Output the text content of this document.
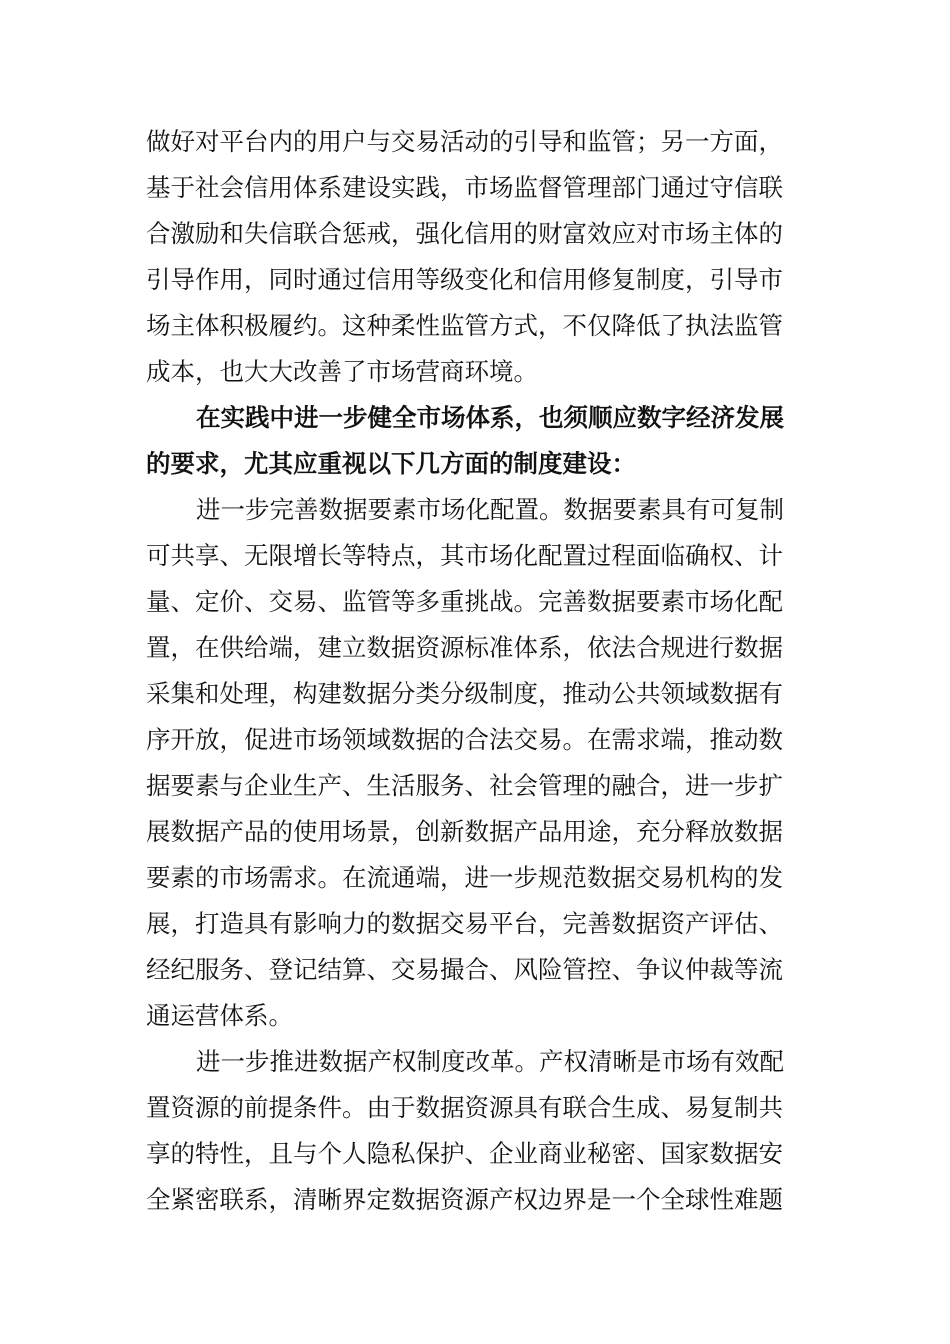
做好对平台内的用户与交易活动的引导和监管；另一方面，
基于社会信用体系建设实践，市场监督管理部门通过守信联
合激励和失信联合惩戒，强化信用的财富效应对市场主体的
引导作用，同时通过信用等级变化和信用修复制度，引导市
场主体积极履约。这种柔性监管方式，不仅降低了执法监管
成本，也大大改善了市场营商环境。
在实践中进一步健全市场体系，也须顺应数字经济发展
的要求，尤其应重视以下几方面的制度建设：
进一步完善数据要素市场化配置。数据要素具有可复制
可共享、无限增长等特点，其市场化配置过程面临确权、计
量、定价、交易、监管等多重挑战。完善数据要素市场化配
置，在供给端，建立数据资源标准体系，依法合规进行数据
采集和处理，构建数据分类分级制度，推动公共领域数据有
序开放，促进市场领域数据的合法交易。在需求端，推动数
据要素与企业生产、生活服务、社会管理的融合，进一步扩
展数据产品的使用场景，创新数据产品用途，充分释放数据
要素的市场需求。在流通端，进一步规范数据交易机构的发
展，打造具有影响力的数据交易平台，完善数据资产评估、
经纪服务、登记结算、交易撮合、风险管控、争议仲裁等流
通运营体系。
进一步推进数据产权制度改革。产权清晰是市场有效配
置资源的前提条件。由于数据资源具有联合生成、易复制共
享的特性，且与个人隐私保护、企业商业秘密、国家数据安
全紧密联系，清晰界定数据资源产权边界是一个全球性难题
